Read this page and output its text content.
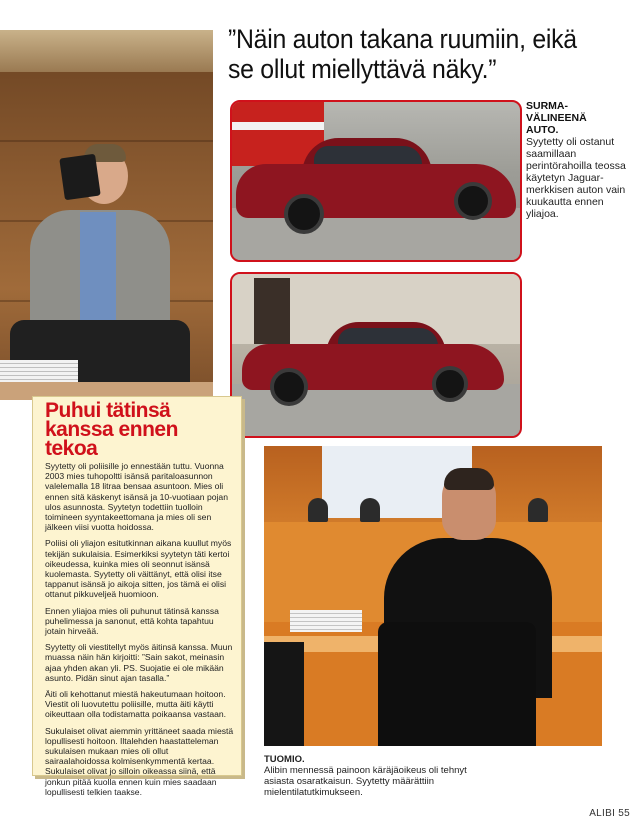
”Näin auton takana ruumiin, eikä
se ollut miellyttävä näky.”
SURMA-
VÄLINEENÄ
AUTO.
Syytetty oli ostanut saamillaan perintörahoilla teossa käytetyn Jaguar-merkkisen auton vain kuukautta ennen yliajoa.
Puhui tätinsä
kanssa ennen
tekoa

Syytetty oli poliisille jo ennestään tuttu. Vuonna 2003 mies tuhopoltti isänsä paritaloasunnon valelemalla 18 litraa bensaa asuntoon. Mies oli ennen sitä käskenyt isänsä ja 10-vuotiaan pojan ulos asunnosta. Syytetyn todettiin tuolloin toimineen syyntakeettomana ja mies oli sen jälkeen viisi vuotta hoidossa.

Poliisi oli yliajon esitutkinnan aikana kuullut myös tekijän sukulaisia. Esimerkiksi syytetyn täti kertoi oikeudessa, kuinka mies oli seonnut isänsä kuolemasta. Syytetty oli väittänyt, että olisi itse tappanut isänsä jo aikoja sitten, jos tämä ei olisi ottanut pikkuveljеä huomioon.

Ennen yliajoa mies oli puhunut tätinsä kanssa puhelimessa ja sanonut, että kohta tapahtuu jotain hirveää.

Syytetty oli viestitellyt myös äitinsä kanssa. Muun muassa näin hän kirjoitti: ”Sain sakot, meinasin ajaa yhden akan yli. PS. Suojatie ei ole mikään asunto. Pidän sinut ajan tasalla.”

Äiti oli kehottanut miestä hakeutumaan hoitoon. Viestit oli luovutettu poliisille, mutta äiti käytti oikeuttaan olla todistamatta poikaansa vastaan.

Sukulaiset olivat aiemmin yrittäneet saada miestä lopullisesti hoitoon. Iltalehden haastatteleman sukulaisen mukaan mies oli ollut sairaalahoidossa kolmisenkymmentä kertaa. Sukulaiset olivat jo silloin oikeassa siinä, että jonkun pitää kuolla ennen kuin mies saadaan lopullisesti telkien taakse.

TUOMIO.
Alibin mennessä painoon käräjäoikeus oli tehnyt asiasta osaratkaisun. Syytetty määrättiin mielentilatutkimukseen.
ALIBI 55
